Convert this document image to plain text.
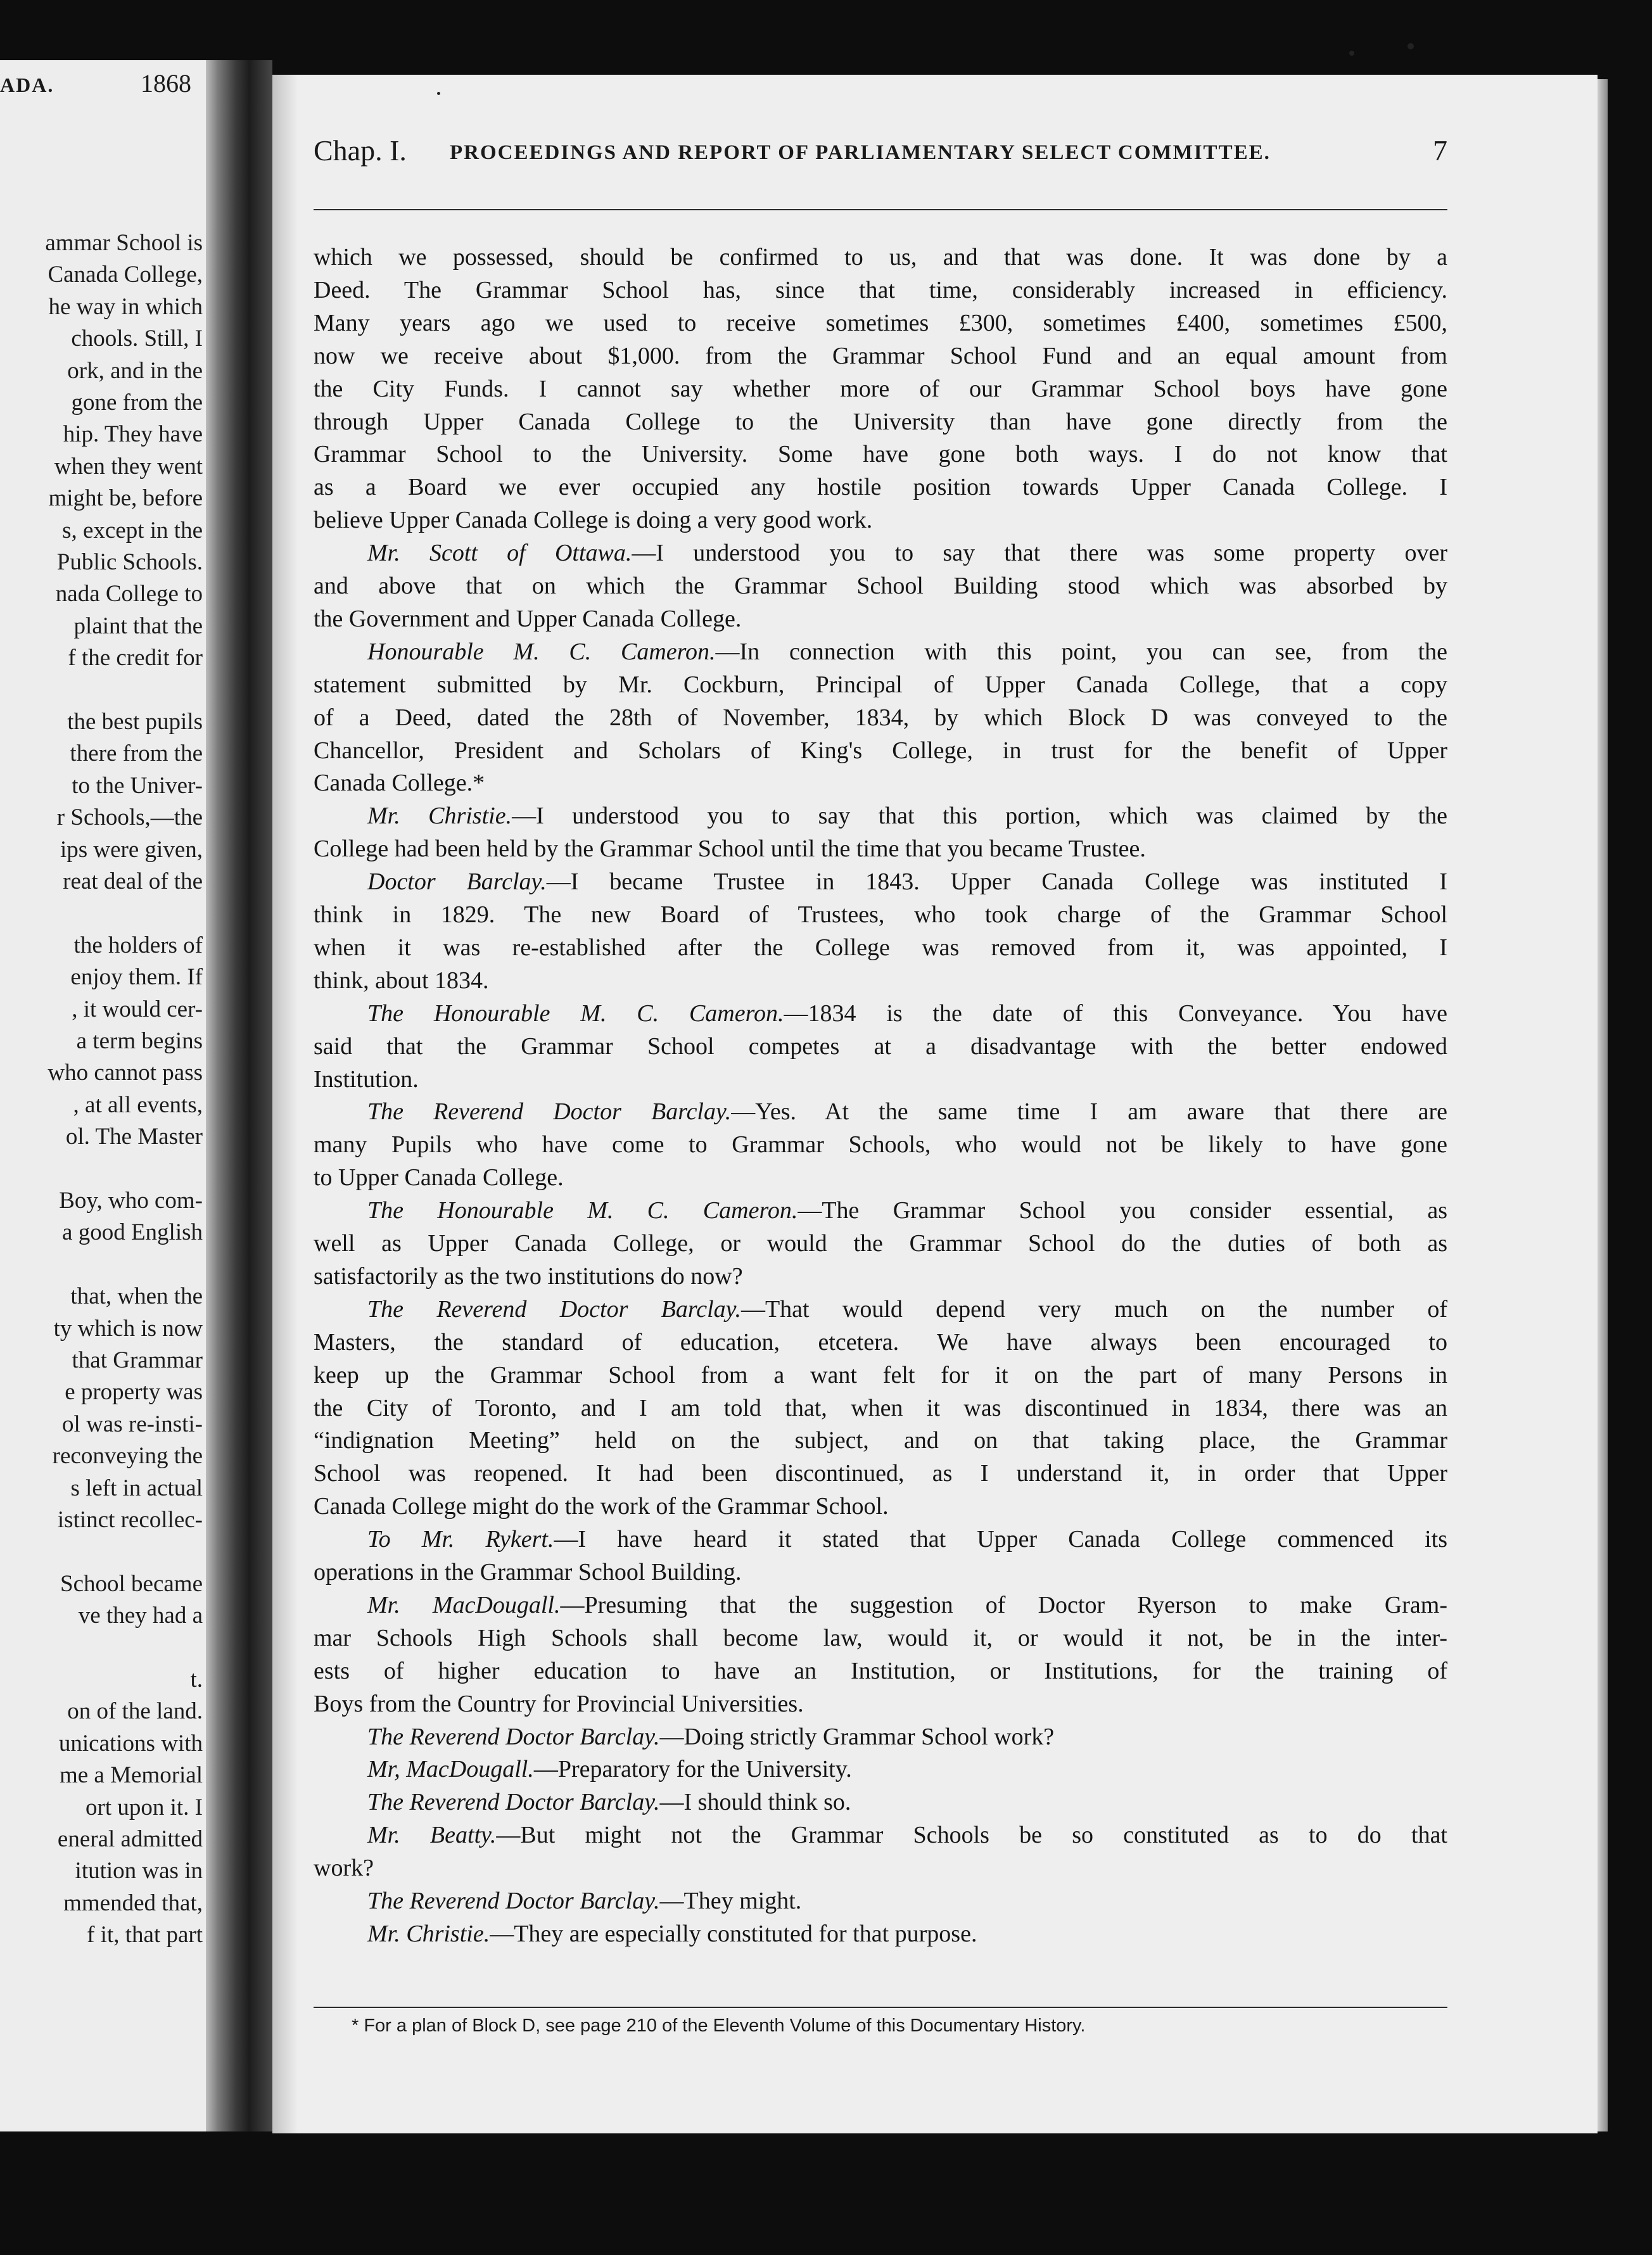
ADA.	1868
ammar School is
Canada College,
he way in which
chools. Still, I
ork, and in the
gone from the
hip. They have
when they went
might be, before
s, except in the
Public Schools.
nada College to
plaint that the
f the credit for
the best pupils
there from the
to the Univer-
r Schools,—the
ips were given,
reat deal of the
the holders of
enjoy them. If
, it would cer-
a term begins
who cannot pass
, at all events,
ol. The Master
Boy, who com-
a good English
that, when the
ty which is now
that Grammar
e property was
ol was re-insti-
reconveying the
s left in actual
istinct recollec-
School became
ve they had a
t.
on of the land.
unications with
me a Memorial
ort upon it. I
eneral admitted
itution was in
mmended that,
f it, that part
Chap. I. PROCEEDINGS AND REPORT OF PARLIAMENTARY SELECT COMMITTEE.	7
which we possessed, should be confirmed to us, and that was done. It was done by a
Deed. The Grammar School has, since that time, considerably increased in efficiency.
Many years ago we used to receive sometimes £300, sometimes £400, sometimes £500,
now we receive about $1,000. from the Grammar School Fund and an equal amount from
the City Funds. I cannot say whether more of our Grammar School boys have gone
through Upper Canada College to the University than have gone directly from the
Grammar School to the University. Some have gone both ways. I do not know that
as a Board we ever occupied any hostile position towards Upper Canada College. I
believe Upper Canada College is doing a very good work.
Mr. Scott of Ottawa.—I understood you to say that there was some property over
and above that on which the Grammar School Building stood which was absorbed by
the Government and Upper Canada College.
Honourable M. C. Cameron.—In connection with this point, you can see, from the
statement submitted by Mr. Cockburn, Principal of Upper Canada College, that a copy
of a Deed, dated the 28th of November, 1834, by which Block D was conveyed to the
Chancellor, President and Scholars of King's College, in trust for the benefit of Upper
Canada College.*
Mr. Christie.—I understood you to say that this portion, which was claimed by the
College had been held by the Grammar School until the time that you became Trustee.
Doctor Barclay.—I became Trustee in 1843. Upper Canada College was instituted I
think in 1829. The new Board of Trustees, who took charge of the Grammar School
when it was re-established after the College was removed from it, was appointed, I
think, about 1834.
The Honourable M. C. Cameron.—1834 is the date of this Conveyance. You have
said that the Grammar School competes at a disadvantage with the better endowed
Institution.
The Reverend Doctor Barclay.—Yes. At the same time I am aware that there are
many Pupils who have come to Grammar Schools, who would not be likely to have gone
to Upper Canada College.
The Honourable M. C. Cameron.—The Grammar School you consider essential, as
well as Upper Canada College, or would the Grammar School do the duties of both as
satisfactorily as the two institutions do now?
The Reverend Doctor Barclay.—That would depend very much on the number of
Masters, the standard of education, etcetera. We have always been encouraged to
keep up the Grammar School from a want felt for it on the part of many Persons in
the City of Toronto, and I am told that, when it was discontinued in 1834, there was an
“indignation Meeting” held on the subject, and on that taking place, the Grammar
School was reopened. It had been discontinued, as I understand it, in order that Upper
Canada College might do the work of the Grammar School.
To Mr. Rykert.—I have heard it stated that Upper Canada College commenced its
operations in the Grammar School Building.
Mr. MacDougall.—Presuming that the suggestion of Doctor Ryerson to make Gram-
mar Schools High Schools shall become law, would it, or would it not, be in the inter-
ests of higher education to have an Institution, or Institutions, for the training of
Boys from the Country for Provincial Universities.
The Reverend Doctor Barclay.—Doing strictly Grammar School work?
Mr, MacDougall.—Preparatory for the University.
The Reverend Doctor Barclay.—I should think so.
Mr. Beatty.—But might not the Grammar Schools be so constituted as to do that
work?
The Reverend Doctor Barclay.—They might.
Mr. Christie.—They are especially constituted for that purpose.
* For a plan of Block D, see page 210 of the Eleventh Volume of this Documentary History.
